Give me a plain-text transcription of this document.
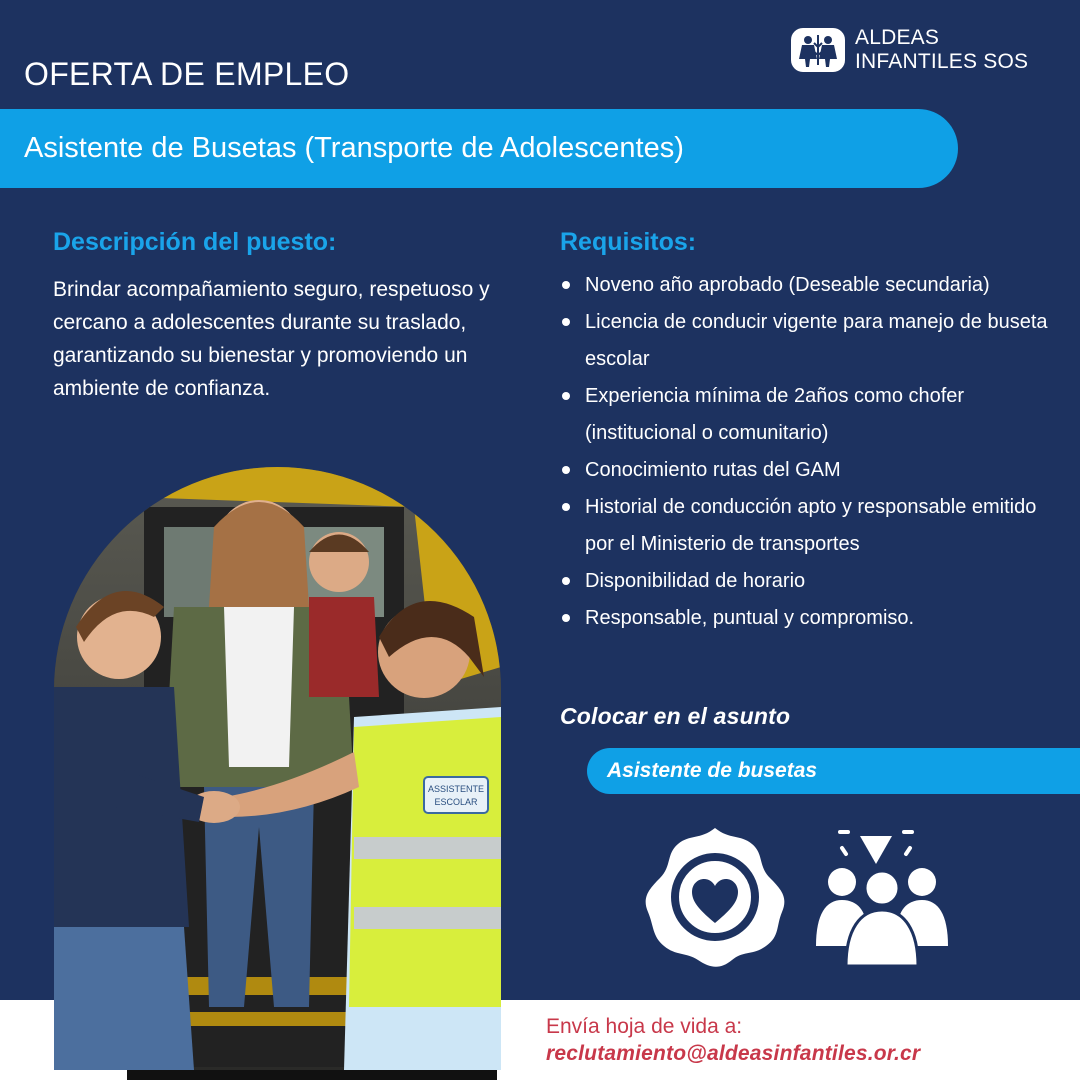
ALDEAS
INFANTILES SOS
OFERTA DE EMPLEO
Asistente de Busetas (Transporte de Adolescentes)
Descripción del puesto:
Brindar acompañamiento seguro, respetuoso y cercano a adolescentes durante su traslado, garantizando su bienestar y promoviendo un ambiente de confianza.
Requisitos:
Noveno año aprobado (Deseable secundaria)
Licencia de conducir vigente para manejo de buseta escolar
Experiencia mínima de 2años como chofer (institucional o comunitario)
Conocimiento rutas del GAM
Historial de conducción apto y responsable emitido por el Ministerio de transportes
Disponibilidad de horario
Responsable, puntual y compromiso.
Colocar en el asunto
Asistente de busetas
ASSISTENTE
ESCOLAR
Envía hoja de vida a:
reclutamiento@aldeasinfantiles.or.cr
